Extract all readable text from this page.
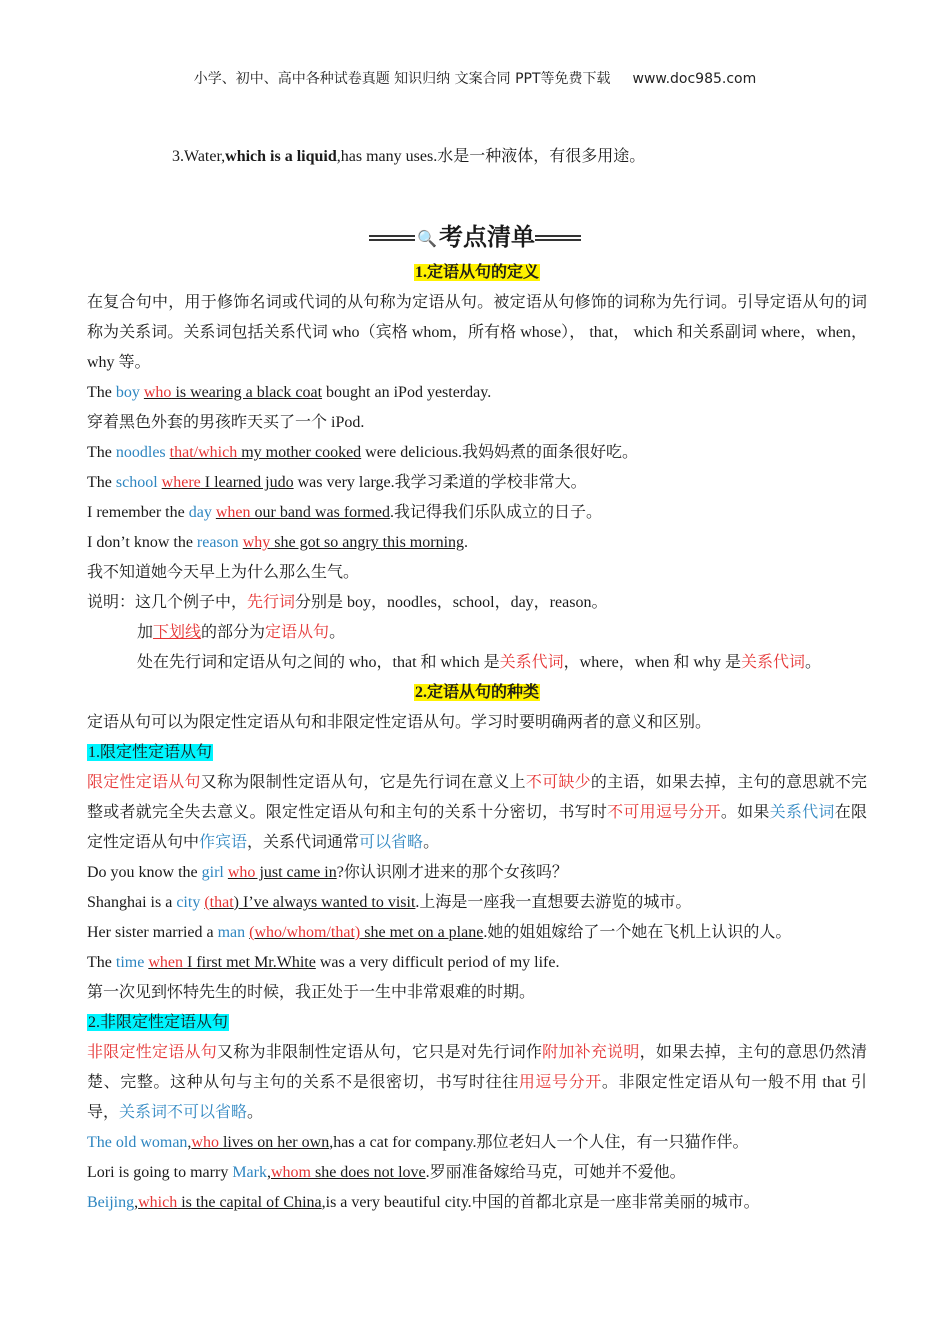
小学、初中、高中各种试卷真题 知识归纳 文案合同 PPT等免费下载 www.doc985.com
3.Water,which is a liquid,has many uses.水是一种液体，有很多用途。
🔍考点清单

1.定语从句的定义

在复合句中，用于修饰名词或代词的从句称为定语从句。被定语从句修饰的词称为先行词。引导定语从句的词称为关系词。关系词包括关系代词 who（宾格 whom，所有格 whose）， that， which 和关系副词 where，when，why 等。

The boy who is wearing a black coat bought an iPod yesterday.

穿着黑色外套的男孩昨天买了一个 iPod.

The noodles that/which my mother cooked were delicious.我妈妈煮的面条很好吃。

The school where I learned judo was very large.我学习柔道的学校非常大。

I remember the day when our band was formed.我记得我们乐队成立的日子。

I don’t know the reason why she got so angry this morning.

我不知道她今天早上为什么那么生气。

说明：这几个例子中，先行词分别是 boy，noodles，school，day，reason。

加下划线的部分为定语从句。

处在先行词和定语从句之间的 who，that 和 which 是关系代词，where，when 和 why 是关系代词。

2.定语从句的种类

定语从句可以为限定性定语从句和非限定性定语从句。学习时要明确两者的意义和区别。

1.限定性定语从句

限定性定语从句又称为限制性定语从句，它是先行词在意义上不可缺少的主语，如果去掉，主句的意思就不完整或者就完全失去意义。限定性定语从句和主句的关系十分密切，书写时不可用逗号分开。如果关系代词在限定性定语从句中作宾语，关系代词通常可以省略。

Do you know the girl who just came in?你认识刚才进来的那个女孩吗？

Shanghai is a city (that) I’ve always wanted to visit.上海是一座我一直想要去游览的城市。

Her sister married a man (who/whom/that) she met on a plane.她的姐姐嫁给了一个她在飞机上认识的人。

The time when I first met Mr.White was a very difficult period of my life.

第一次见到怀特先生的时候，我正处于一生中非常艰难的时期。

2.非限定性定语从句

非限定性定语从句又称为非限制性定语从句，它只是对先行词作附加补充说明，如果去掉，主句的意思仍然清楚、完整。这种从句与主句的关系不是很密切，书写时往往用逗号分开。非限定性定语从句一般不用 that 引导，关系词不可以省略。

The old woman,who lives on her own,has a cat for company.那位老妇人一个人住，有一只猫作伴。

Lori is going to marry Mark,whom she does not love.罗丽准备嫁给马克，可她并不爱他。

Beijing,which is the capital of China,is a very beautiful city.中国的首都北京是一座非常美丽的城市。
